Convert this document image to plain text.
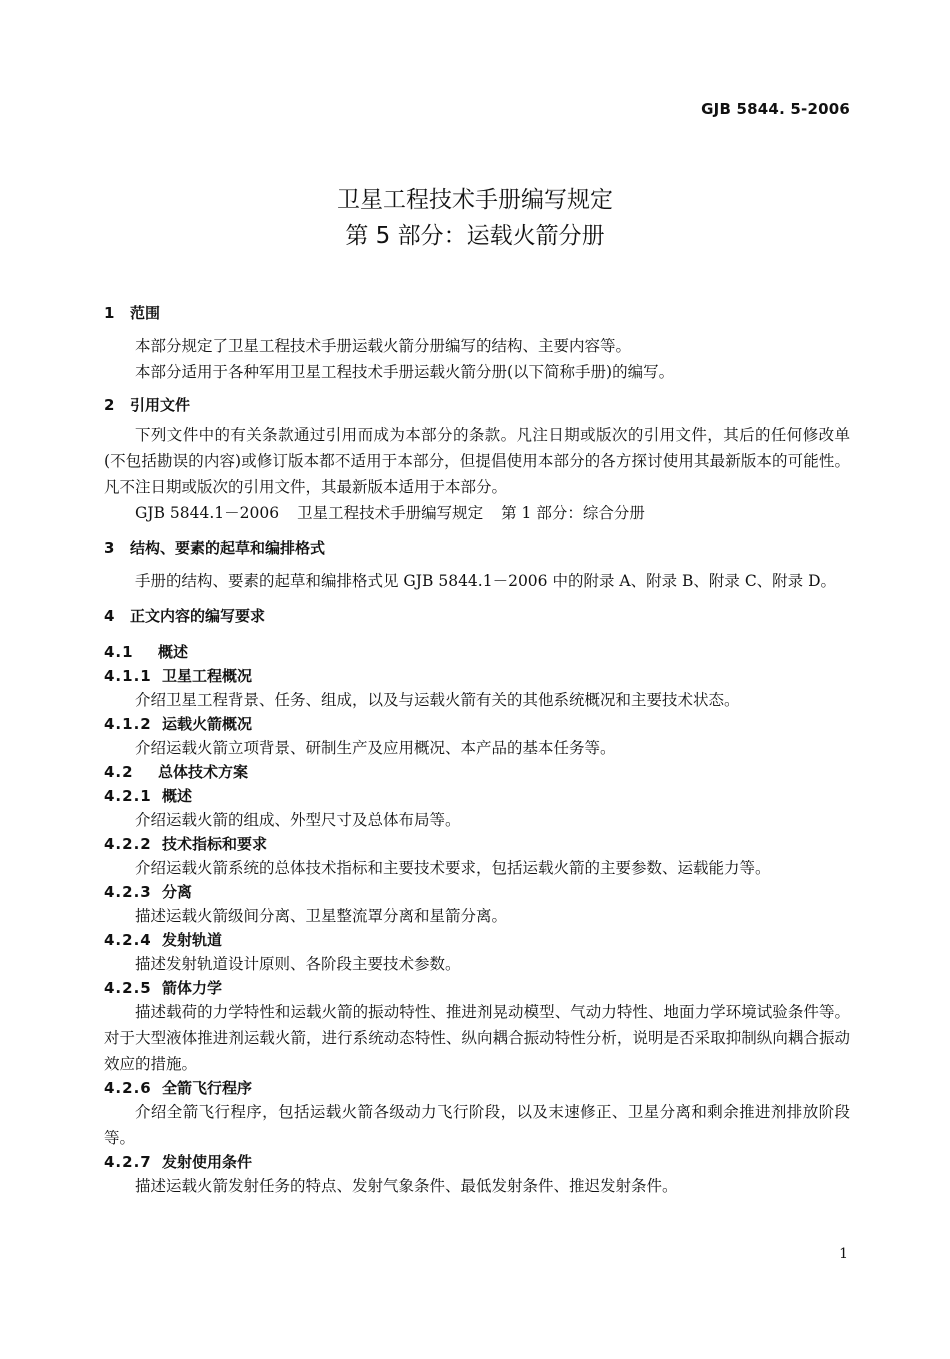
GJB 5844. 5-2006
卫星工程技术手册编写规定
第 5 部分：运载火箭分册
1 范围

本部分规定了卫星工程技术手册运载火箭分册编写的结构、主要内容等。

本部分适用于各种军用卫星工程技术手册运载火箭分册(以下简称手册)的编写。

2 引用文件

下列文件中的有关条款通过引用而成为本部分的条款。凡注日期或版次的引用文件，其后的任何修改单(不包括勘误的内容)或修订版本都不适用于本部分，但提倡使用本部分的各方探讨使用其最新版本的可能性。凡不注日期或版次的引用文件，其最新版本适用于本部分。

GJB 5844.1－2006 卫星工程技术手册编写规定 第 1 部分：综合分册

3 结构、要素的起草和编排格式

手册的结构、要素的起草和编排格式见 GJB 5844.1－2006 中的附录 A、附录 B、附录 C、附录 D。

4 正文内容的编写要求
4.1 概述
4.1.1 卫星工程概况

介绍卫星工程背景、任务、组成，以及与运载火箭有关的其他系统概况和主要技术状态。

4.1.2 运载火箭概况

介绍运载火箭立项背景、研制生产及应用概况、本产品的基本任务等。

4.2 总体技术方案
4.2.1 概述

介绍运载火箭的组成、外型尺寸及总体布局等。

4.2.2 技术指标和要求

介绍运载火箭系统的总体技术指标和主要技术要求，包括运载火箭的主要参数、运载能力等。

4.2.3 分离

描述运载火箭级间分离、卫星整流罩分离和星箭分离。

4.2.4 发射轨道

描述发射轨道设计原则、各阶段主要技术参数。

4.2.5 箭体力学

描述载荷的力学特性和运载火箭的振动特性、推进剂晃动模型、气动力特性、地面力学环境试验条件等。对于大型液体推进剂运载火箭，进行系统动态特性、纵向耦合振动特性分析，说明是否采取抑制纵向耦合振动效应的措施。

4.2.6 全箭飞行程序

介绍全箭飞行程序，包括运载火箭各级动力飞行阶段，以及末速修正、卫星分离和剩余推进剂排放阶段等。

4.2.7 发射使用条件

描述运载火箭发射任务的特点、发射气象条件、最低发射条件、推迟发射条件。

1
